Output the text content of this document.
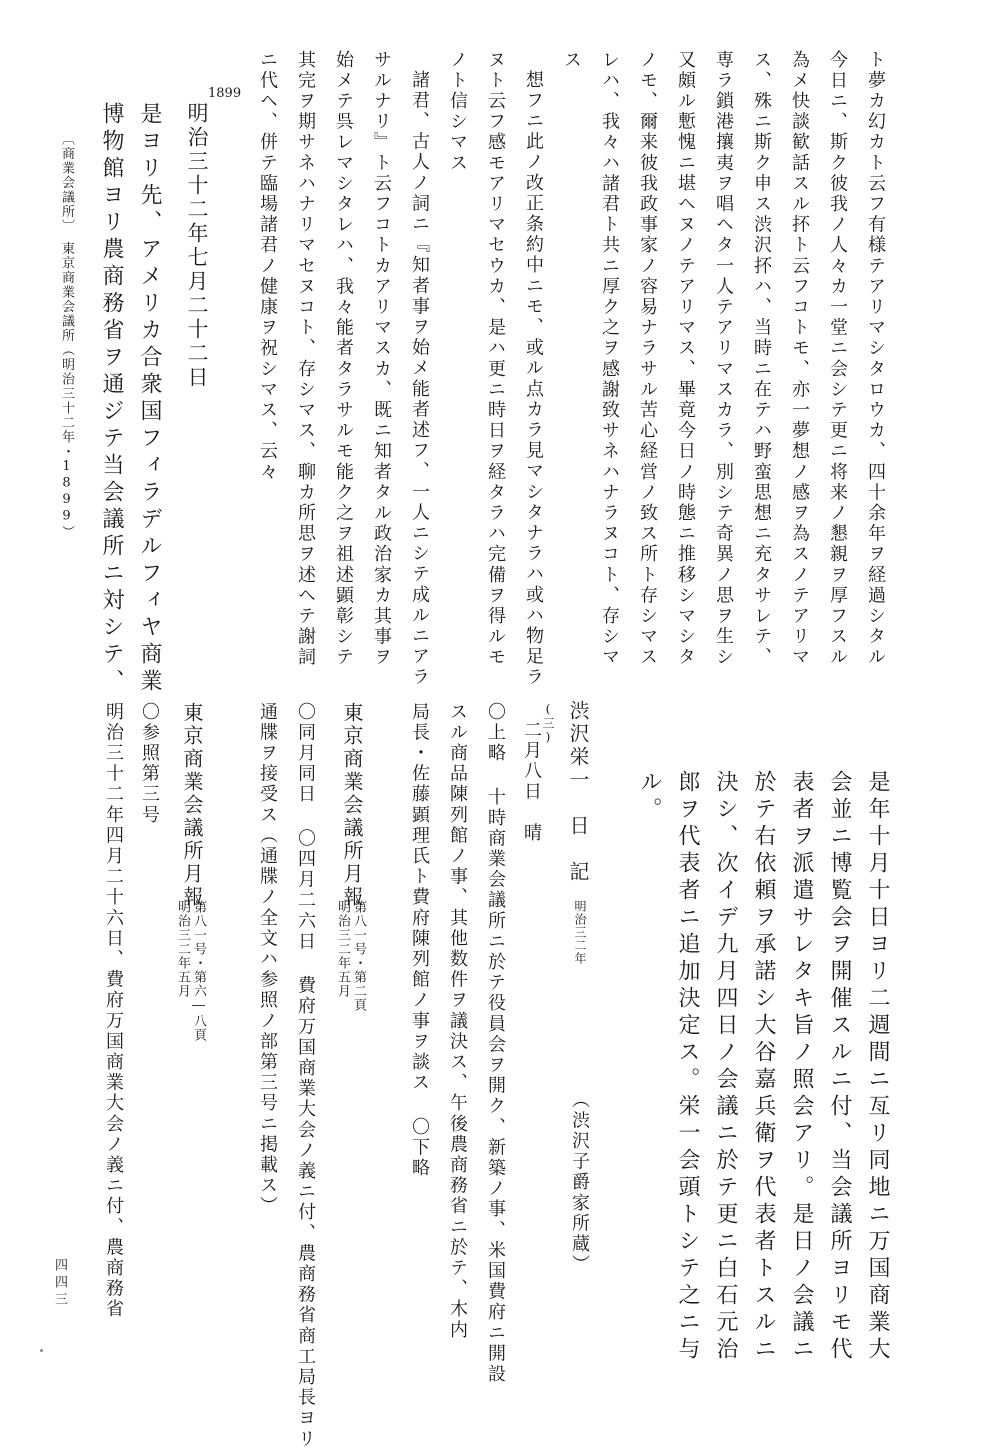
ト夢カ幻カト云フ有様テアリマシタロウカ、四十余年ヲ経過シタル
今日ニ、斯ク彼我ノ人々カ一堂ニ会シテ更ニ将来ノ懇親ヲ厚フスル
為メ快談歓話スル抔ト云フコトモ、亦一夢想ノ感ヲ為スノテアリマ
ス、殊ニ斯ク申ス渋沢抔ハ、当時ニ在テハ野蛮思想ニ充タサレテ、
専ラ鎖港攘夷ヲ唱ヘタ一人テアリマスカラ、別シテ奇異ノ思ヲ生シ
又頗ル慙愧ニ堪ヘヌノテアリマス、畢竟今日ノ時態ニ推移シマシタ
ノモ、爾来彼我政事家ノ容易ナラサル苦心経営ノ致ス所ト存シマス
レハ、我々ハ諸君ト共ニ厚ク之ヲ感謝致サネハナラヌコト、存シマ
ス
想フニ此ノ改正条約中ニモ、或ル点カラ見マシタナラハ或ハ物足ラ
ヌト云フ感モアリマセウカ、是ハ更ニ時日ヲ経タラハ完備ヲ得ルモ
ノト信シマス
諸君、古人ノ詞ニ『知者事ヲ始メ能者述フ、一人ニシテ成ルニアラ
サルナリ』ト云フコトカアリマスカ、既ニ知者タル政治家カ其事ヲ
始メテ呉レマシタレハ、我々能者タラサルモ能ク之ヲ祖述顕彰シテ
其完ヲ期サネハナリマセヌコト、存シマス、聊カ所思ヲ述ヘテ謝詞
ニ代ヘ、併テ臨場諸君ノ健康ヲ祝シマス、云々
1899
明治三十二年七月二十二日
是ヨリ先、アメリカ合衆国フィラデルフィヤ商業
博物館ヨリ農商務省ヲ通ジテ当会議所ニ対シテ、
〔商業会議所〕　東京商業会議所（明治三十二年・1899）
是年十月十日ヨリ二週間ニ亙リ同地ニ万国商業大
会並ニ博覧会ヲ開催スルニ付、当会議所ヨリモ代
表者ヲ派遣サレタキ旨ノ照会アリ。是日ノ会議ニ
於テ右依頼ヲ承諾シ大谷嘉兵衛ヲ代表者トスルニ
決シ、次イデ九月四日ノ会議ニ於テ更ニ白石元治
郎ヲ代表者ニ追加決定ス。栄一会頭トシテ之ニ与
ル。
渋沢栄一　日　記
明治三二年
（渋沢子爵家所蔵）
(三)
二月八日　晴
〇上略 十時商業会議所ニ於テ役員会ヲ開ク、新築ノ事、米国費府ニ開設
スル商品陳列館ノ事、其他数件ヲ議決ス、午後農商務省ニ於テ、木内
局長・佐藤顕理氏ト費府陳列館ノ事ヲ談ス 〇下略
東京商業会議所月報
第八一号・第二頁
明治三二年五月
〇同月同日 〇四月二六日 費府万国商業大会ノ義ニ付、農商務省商工局長ヨリ
通牒ヲ接受ス（通牒ノ全文ハ参照ノ部第三号ニ掲載ス）
東京商業会議所月報
第八一号・第六―八頁
明治三二年五月
〇参照第三号
明治三十二年四月二十六日、費府万国商業大会ノ義ニ付、農商務省
四四三
